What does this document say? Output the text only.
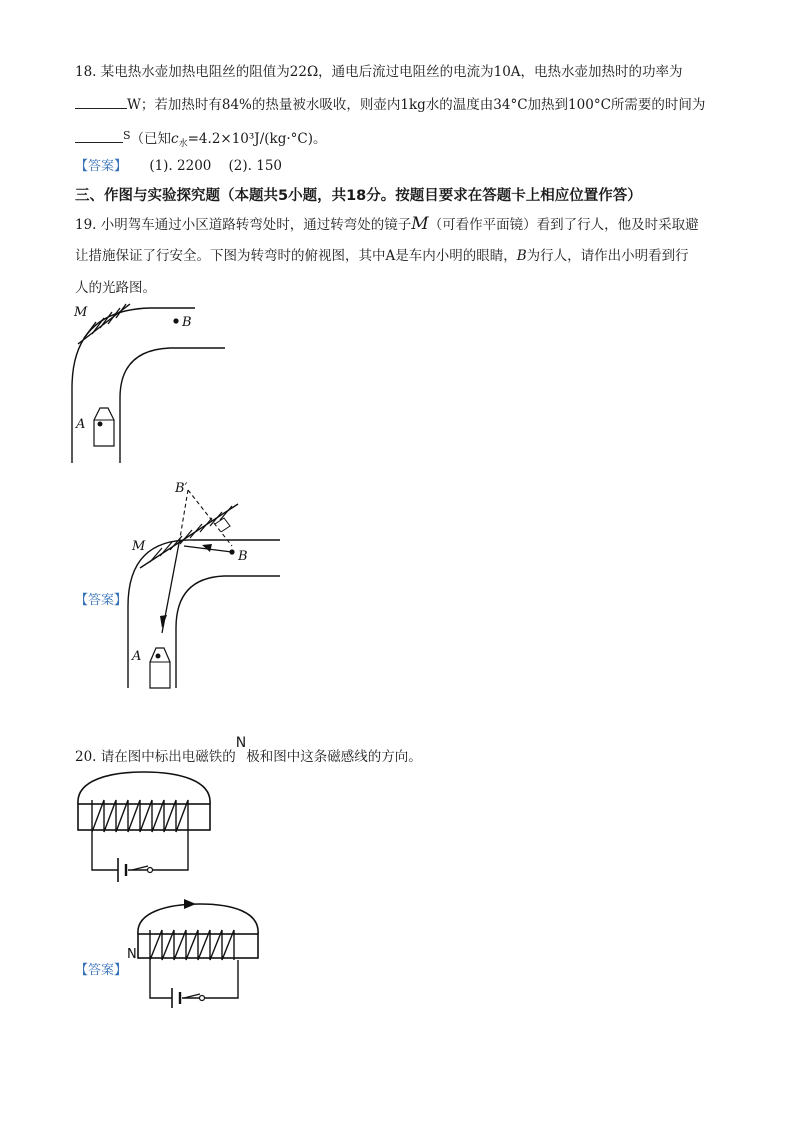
18. 某电热水壶加热电阻丝的阻值为22Ω，通电后流过电阻丝的电流为10A，电热水壶加热时的功率为
W；若加热时有84%的热量被水吸收，则壶内1kg水的温度由34°C加热到100°C所需要的时间为
$^S$（已知$c_水=4.2\times 10^3J/(kg\cdot^\circ C)$。
【答案】 (1). 2200    (2). 150
三、作图与实验探究题（本题共5小题，共18分。按题目要求在答题卡上相应位置作答）
19. 小明驾车通过小区道路转弯处时，通过转弯处的镜子M（可看作平面镜）看到了行人，他及时采取避
让措施保证了行安全。下图为转弯时的俯视图，其中A是车内小明的眼睛，B为行人，请作出小明看到行
人的光路图。
M
B
A
【答案】
B′
M
B
A
20. 请在图中标出电磁铁的N极和图中这条磁感线的方向。
【答案】
N
